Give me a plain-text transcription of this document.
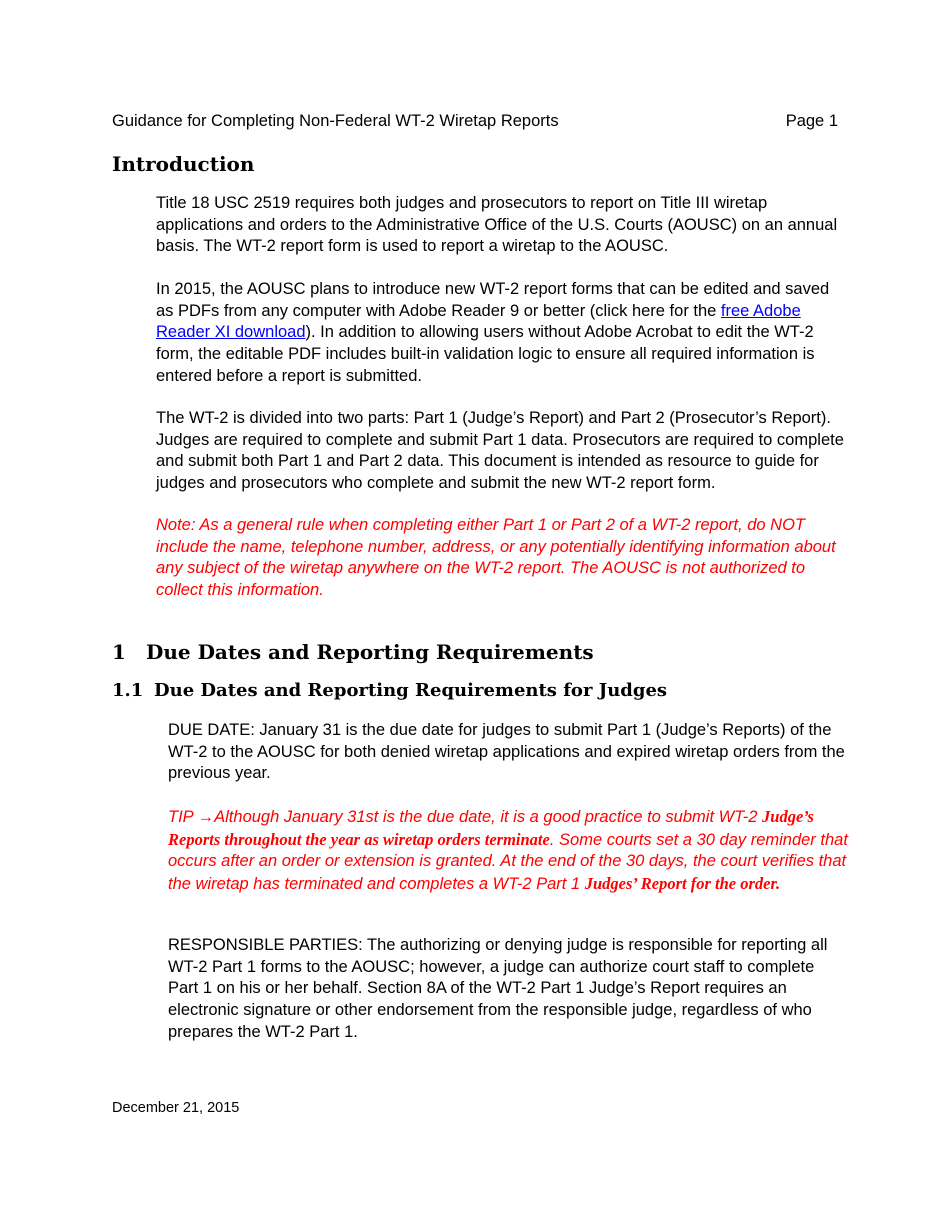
Guidance for Completing Non-Federal WT-2 Wiretap Reports	Page 1
Introduction

Title 18 USC 2519 requires both judges and prosecutors to report on Title III wiretap applications and orders to the Administrative Office of the U.S. Courts (AOUSC) on an annual basis. The WT-2 report form is used to report a wiretap to the AOUSC.

In 2015, the AOUSC plans to introduce new WT-2 report forms that can be edited and saved as PDFs from any computer with Adobe Reader 9 or better (click here for the free Adobe Reader XI download). In addition to allowing users without Adobe Acrobat to edit the WT-2 form, the editable PDF includes built-in validation logic to ensure all required information is entered before a report is submitted.

The WT-2 is divided into two parts: Part 1 (Judge’s Report) and Part 2 (Prosecutor’s Report). Judges are required to complete and submit Part 1 data. Prosecutors are required to complete and submit both Part 1 and Part 2 data. This document is intended as resource to guide for judges and prosecutors who complete and submit the new WT-2 report form.

Note: As a general rule when completing either Part 1 or Part 2 of a WT-2 report, do NOT include the name, telephone number, address, or any potentially identifying information about any subject of the wiretap anywhere on the WT-2 report. The AOUSC is not authorized to collect this information.

1 Due Dates and Reporting Requirements
1.1 Due Dates and Reporting Requirements for Judges

DUE DATE: January 31 is the due date for judges to submit Part 1 (Judge’s Reports) of the WT-2 to the AOUSC for both denied wiretap applications and expired wiretap orders from the previous year.

TIP →Although January 31st is the due date, it is a good practice to submit WT-2 Judge’s Reports throughout the year as wiretap orders terminate. Some courts set a 30 day reminder that occurs after an order or extension is granted. At the end of the 30 days, the court verifies that the wiretap has terminated and completes a WT-2 Part 1 Judges’ Report for the order.

RESPONSIBLE PARTIES: The authorizing or denying judge is responsible for reporting all WT-2 Part 1 forms to the AOUSC; however, a judge can authorize court staff to complete Part 1 on his or her behalf. Section 8A of the WT-2 Part 1 Judge’s Report requires an electronic signature or other endorsement from the responsible judge, regardless of who prepares the WT-2 Part 1.

December 21, 2015
